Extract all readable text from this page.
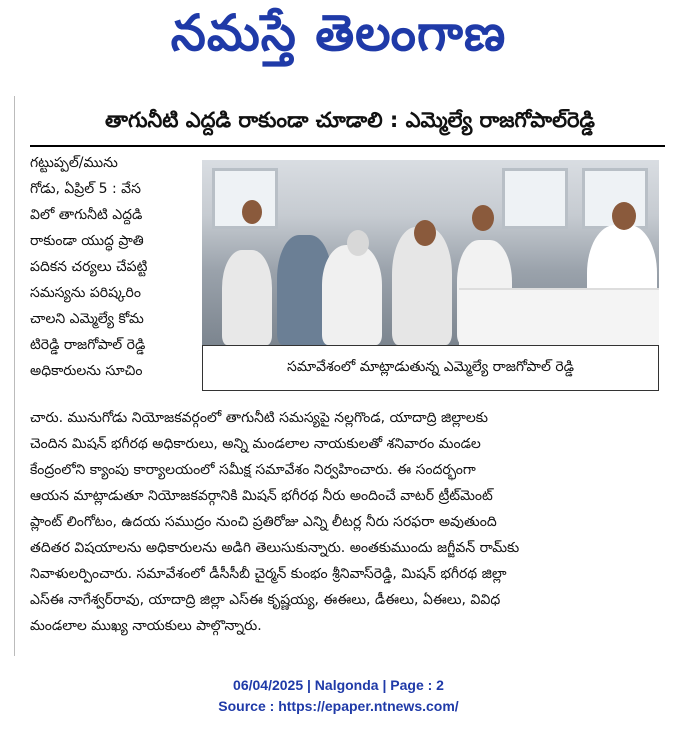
నమస్తే తెలంగాణ
తాగునీటి ఎద్దడి రాకుండా చూడాలి : ఎమ్మెల్యే రాజగోపాల్‌రెడ్డి
గట్టుప్పల్‌/మును
గోడు, ఏప్రిల్‌ 5 : వేస
విలో తాగునీటి ఎద్దడి
రాకుండా యుద్ధ ప్రాతి
పదికన చర్యలు చేపట్టి
సమస్యను పరిష్కరిం
చాలని ఎమ్మెల్యే కోమ
టిరెడ్డి రాజగోపాల్‌ రెడ్డి
అధికారులను సూచిం	సమావేశంలో మాట్లాడుతున్న ఎమ్మెల్యే రాజగోపాల్‌ రెడ్డి
చారు. మునుగోడు నియోజకవర్గంలో తాగునీటి సమస్యపై నల్లగొండ, యాదాద్రి జిల్లాలకు
చెందిన మిషన్‌ భగీరథ అధికారులు, అన్ని మండలాల నాయకులతో శనివారం మండల
కేంద్రంలోని క్యాంపు కార్యాలయంలో సమీక్ష సమావేశం నిర్వహించారు. ఈ సందర్భంగా
ఆయన మాట్లాడుతూ నియోజకవర్గానికి మిషన్‌ భగీరథ నీరు అందించే వాటర్‌ ట్రీట్‌మెంట్‌
ప్లాంట్‌ లింగోటం, ఉదయ సముద్రం నుంచి ప్రతిరోజు ఎన్ని లీటర్ల నీరు సరఫరా అవుతుంది
తదితర విషయాలను అధికారులను అడిగి తెలుసుకున్నారు. అంతకుముందు జగ్జీవన్‌ రామ్‌కు
నివాళులర్పించారు. సమావేశంలో డీసీసీబీ చైర్మన్‌ కుంభం శ్రీనివాస్‌రెడ్డి, మిషన్‌ భగీరథ జిల్లా
ఎస్‌ఈ నాగేశ్వర్‌రావు, యాదాద్రి జిల్లా ఎస్‌ఈ కృష్ణయ్య, ఈఈలు, డీఈలు, ఏఈలు, వివిధ
మండలాల ముఖ్య నాయకులు పాల్గొన్నారు.
06/04/2025 | Nalgonda | Page : 2
Source : https://epaper.ntnews.com/
